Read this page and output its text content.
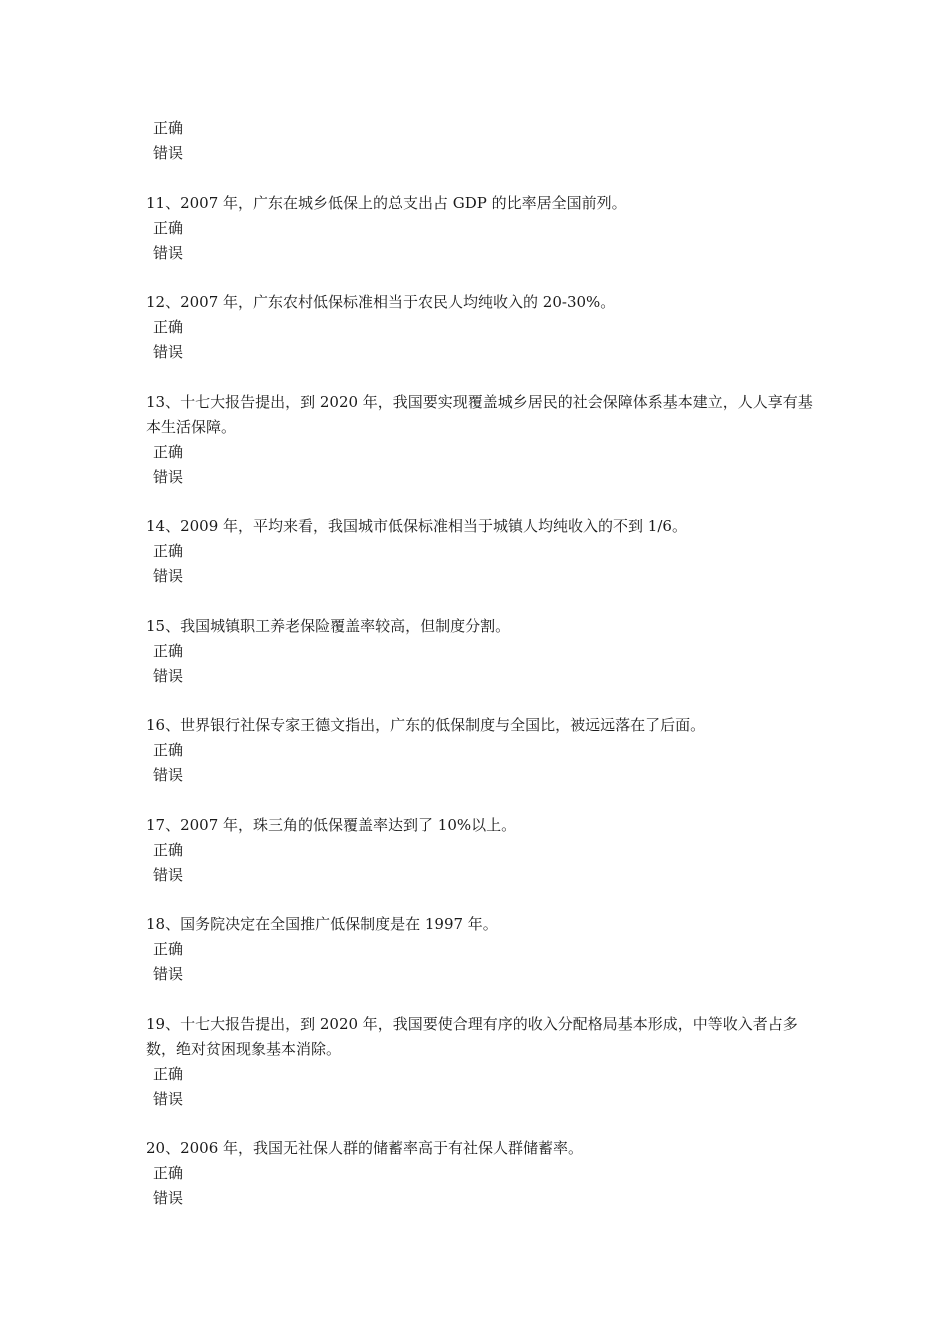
正确
错误
11、2007 年，广东在城乡低保上的总支出占 GDP 的比率居全国前列。
正确
错误
12、2007 年，广东农村低保标准相当于农民人均纯收入的 20-30%。
正确
错误
13、十七大报告提出，到 2020 年，我国要实现覆盖城乡居民的社会保障体系基本建立，人人享有基本生活保障。
正确
错误
14、2009 年，平均来看，我国城市低保标准相当于城镇人均纯收入的不到 1/6。
正确
错误
15、我国城镇职工养老保险覆盖率较高，但制度分割。
正确
错误
16、世界银行社保专家王德文指出，广东的低保制度与全国比，被远远落在了后面。
正确
错误
17、2007 年，珠三角的低保覆盖率达到了 10%以上。
正确
错误
18、国务院决定在全国推广低保制度是在 1997 年。
正确
错误
19、十七大报告提出，到 2020 年，我国要使合理有序的收入分配格局基本形成，中等收入者占多数，绝对贫困现象基本消除。
正确
错误
20、2006 年，我国无社保人群的储蓄率高于有社保人群储蓄率。
正确
错误
